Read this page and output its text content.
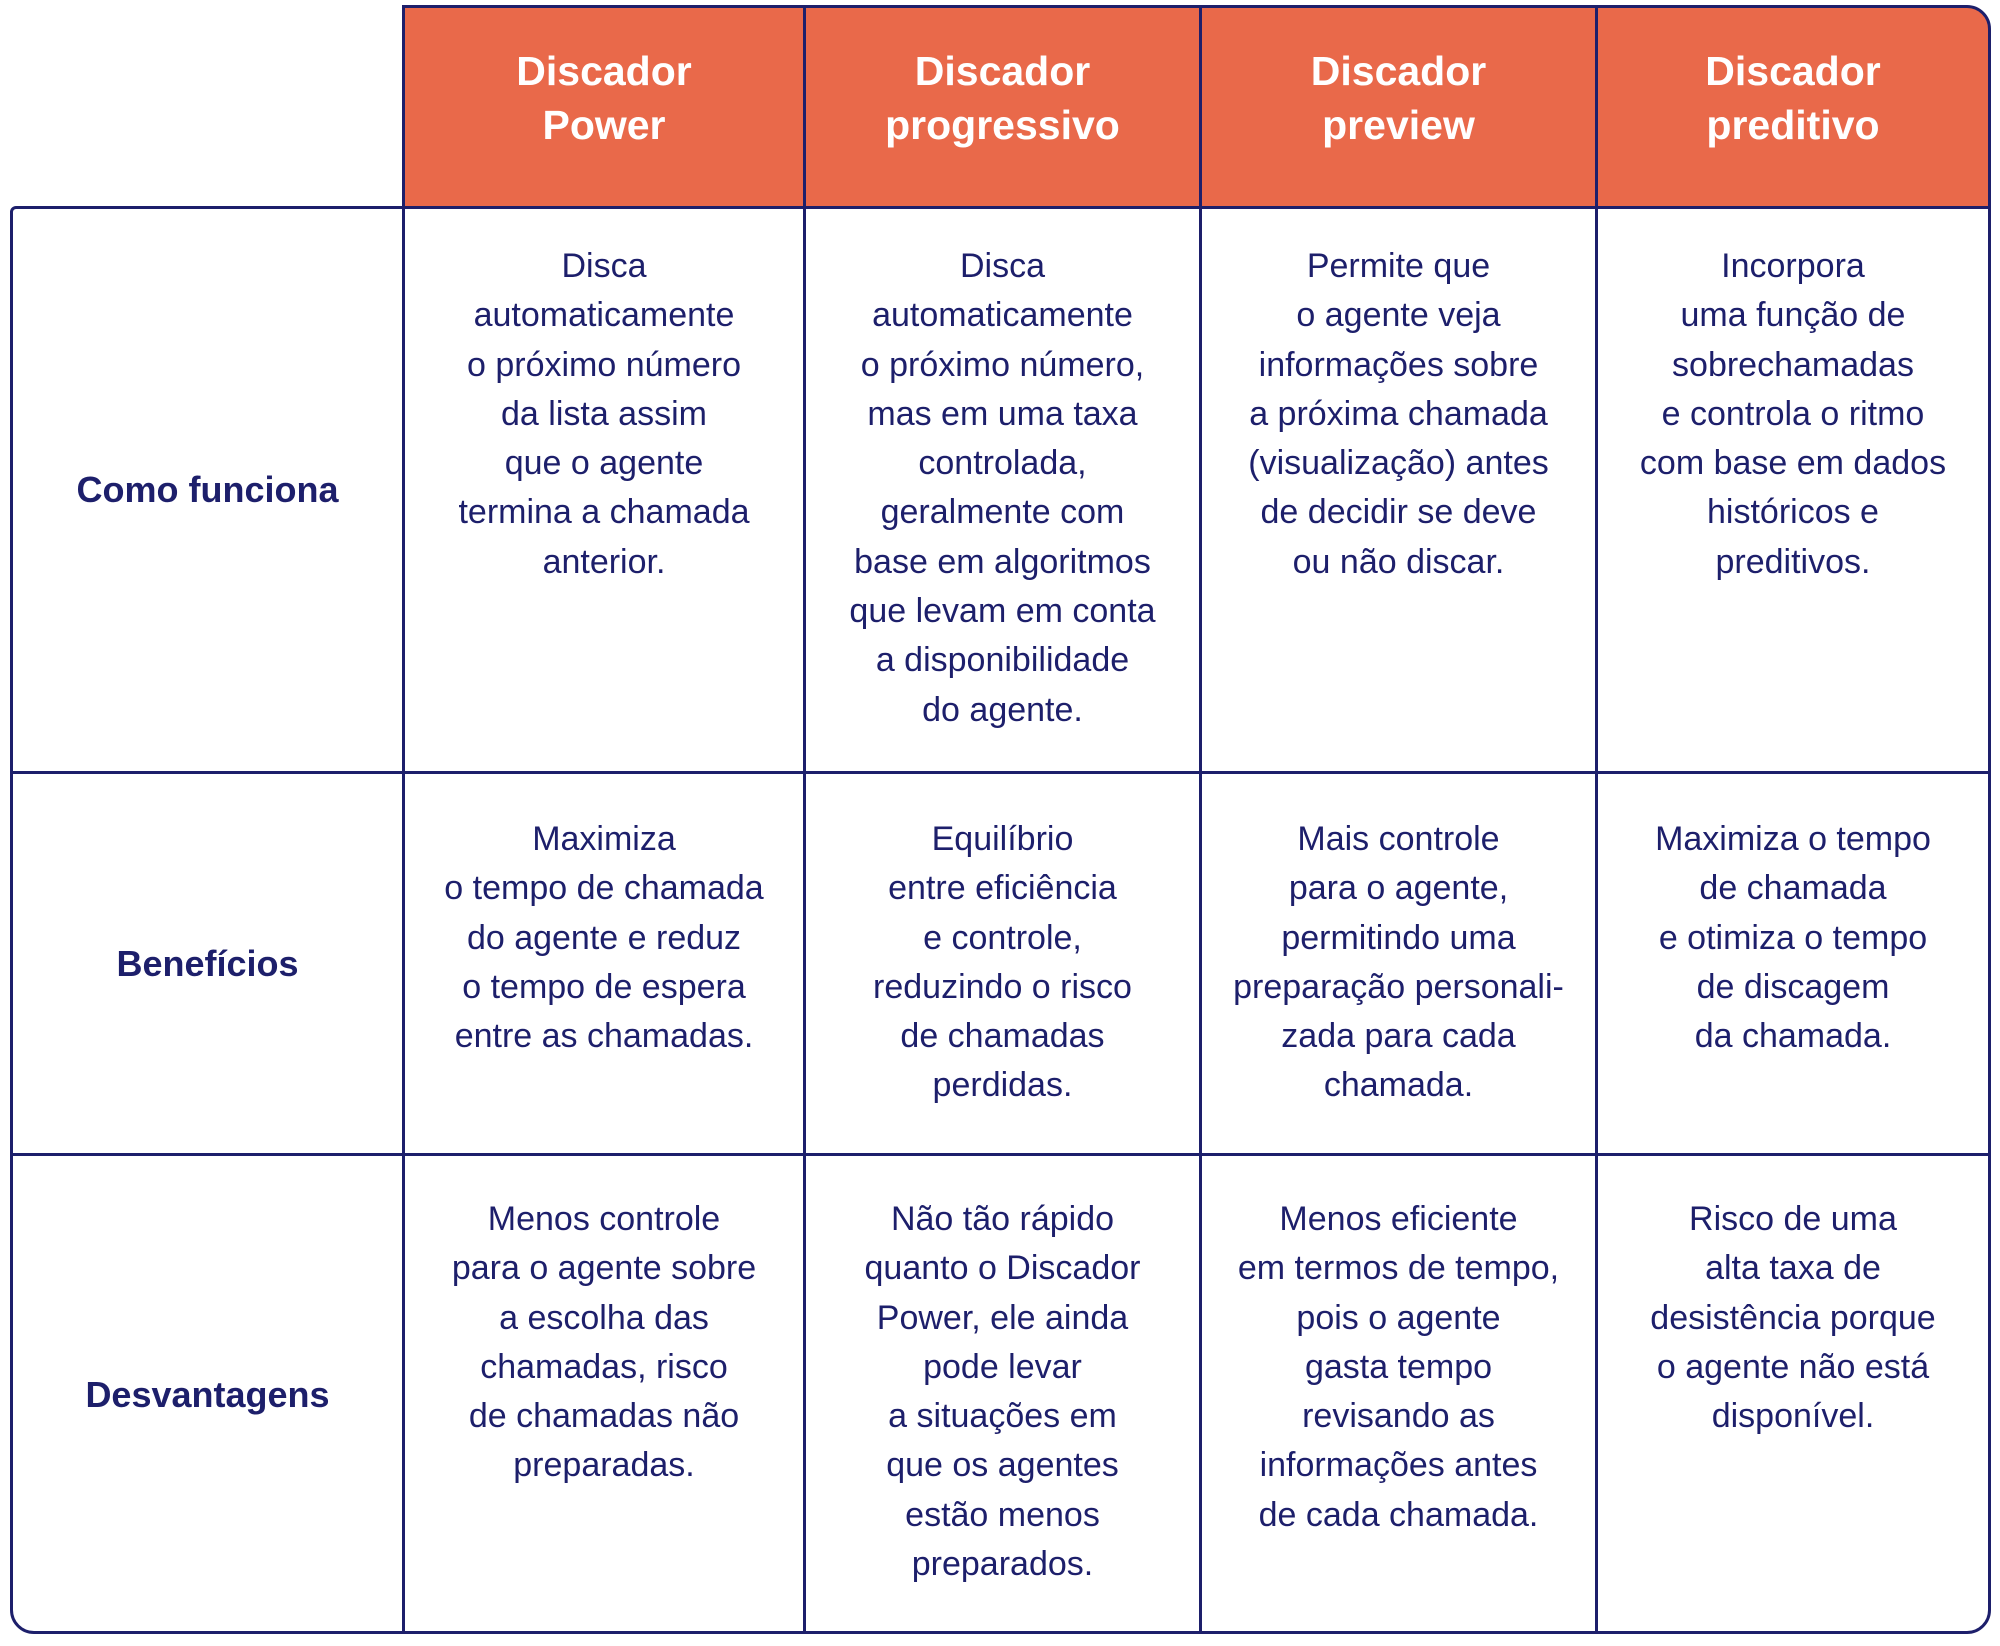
Discador
Power
Discador
progressivo
Discador
preview
Discador
preditivo
Como funciona
Benefícios
Desvantagens
Disca
automaticamente
o próximo número
da lista assim
que o agente
termina a chamada
anterior.
Disca
automaticamente
o próximo número,
mas em uma taxa
controlada,
geralmente com
base em algoritmos
que levam em conta
a disponibilidade
do agente.
Permite que
o agente veja
informações sobre
a próxima chamada
(visualização) antes
de decidir se deve
ou não discar.
Incorpora
uma função de
sobrechamadas
e controla o ritmo
com base em dados
históricos e
preditivos.
Maximiza
o tempo de chamada
do agente e reduz
o tempo de espera
entre as chamadas.
Equilíbrio
entre eficiência
e controle,
reduzindo o risco
de chamadas
perdidas.
Mais controle
para o agente,
permitindo uma
preparação personali-
zada para cada
chamada.
Maximiza o tempo
de chamada
e otimiza o tempo
de discagem
da chamada.
Menos controle
para o agente sobre
a escolha das
chamadas, risco
de chamadas não
preparadas.
Não tão rápido
quanto o Discador
Power, ele ainda
pode levar
a situações em
que os agentes
estão menos
preparados.
Menos eficiente
em termos de tempo,
pois o agente
gasta tempo
revisando as
informações antes
de cada chamada.
Risco de uma
alta taxa de
desistência porque
o agente não está
disponível.
